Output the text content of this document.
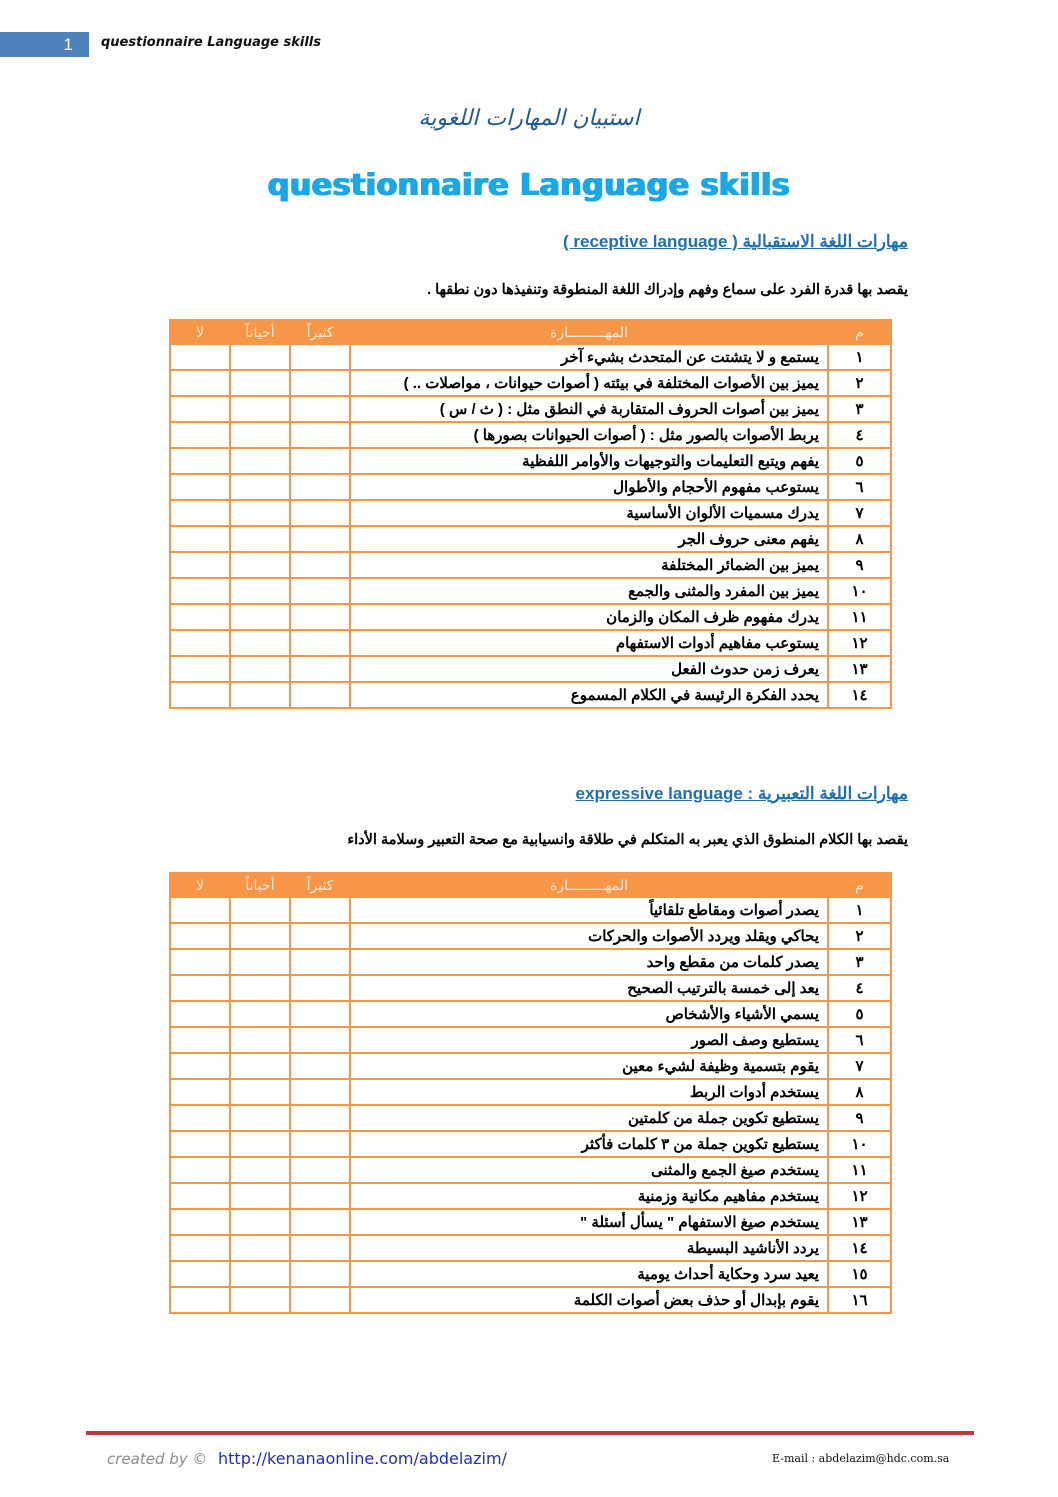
1	questionnaire Language skills
استبيان المهارات اللغوية
questionnaire Language skills
مهارات اللغة الاستقبالية ( receptive language )
يقصد بها قدرة الفرد على سماع وفهم وإدراك اللغة المنطوقة وتنفيذها دون نطقها .
م	المهـــــــــارة	كثيراً	أحياناً	لا
١	يستمع و لا يتشتت عن المتحدث بشيء آخر			
٢	يميز بين الأصوات المختلفة في بيئته ( أصوات حيوانات ، مواصلات .. )			
٣	يميز بين أصوات الحروف المتقاربة في النطق مثل : ( ث / س )			
٤	يربط الأصوات بالصور مثل : ( أصوات الحيوانات بصورها )			
٥	يفهم ويتبع التعليمات والتوجيهات والأوامر اللفظية			
٦	يستوعب مفهوم الأحجام والأطوال			
٧	يدرك مسميات الألوان الأساسية			
٨	يفهم معنى حروف الجر			
٩	يميز بين الضمائر المختلفة			
١٠	يميز بين المفرد والمثنى والجمع			
١١	يدرك مفهوم ظرف المكان والزمان			
١٢	يستوعب مفاهيم أدوات الاستفهام			
١٣	يعرف زمن حدوث الفعل			
١٤	يحدد الفكرة الرئيسة في الكلام المسموع			
مهارات اللغة التعبيرية : expressive language
يقصد بها الكلام المنطوق الذي يعبر به المتكلم في طلاقة وانسيابية مع صحة التعبير وسلامة الأداء
م	المهـــــــــارة	كثيراً	أحياناً	لا
١	يصدر أصوات ومقاطع تلقائياً			
٢	يحاكي ويقلد ويردد الأصوات والحركات			
٣	يصدر كلمات من مقطع واحد			
٤	يعد إلى خمسة بالترتيب الصحيح			
٥	يسمي الأشياء والأشخاص			
٦	يستطيع وصف الصور			
٧	يقوم بتسمية وظيفة لشيء معين			
٨	يستخدم أدوات الربط			
٩	يستطيع تكوين جملة من كلمتين			
١٠	يستطيع تكوين جملة من ٣ كلمات فأكثر			
١١	يستخدم صيغ الجمع والمثنى			
١٢	يستخدم مفاهيم مكانية وزمنية			
١٣	يستخدم صيغ الاستفهام " يسأل أسئلة "			
١٤	يردد الأناشيد البسيطة			
١٥	يعيد سرد وحكاية أحداث يومية			
١٦	يقوم بإبدال أو حذف بعض أصوات الكلمة			
created by © http://kenanaonline.com/abdelazim/	E-mail : abdelazim@hdc.com.sa
